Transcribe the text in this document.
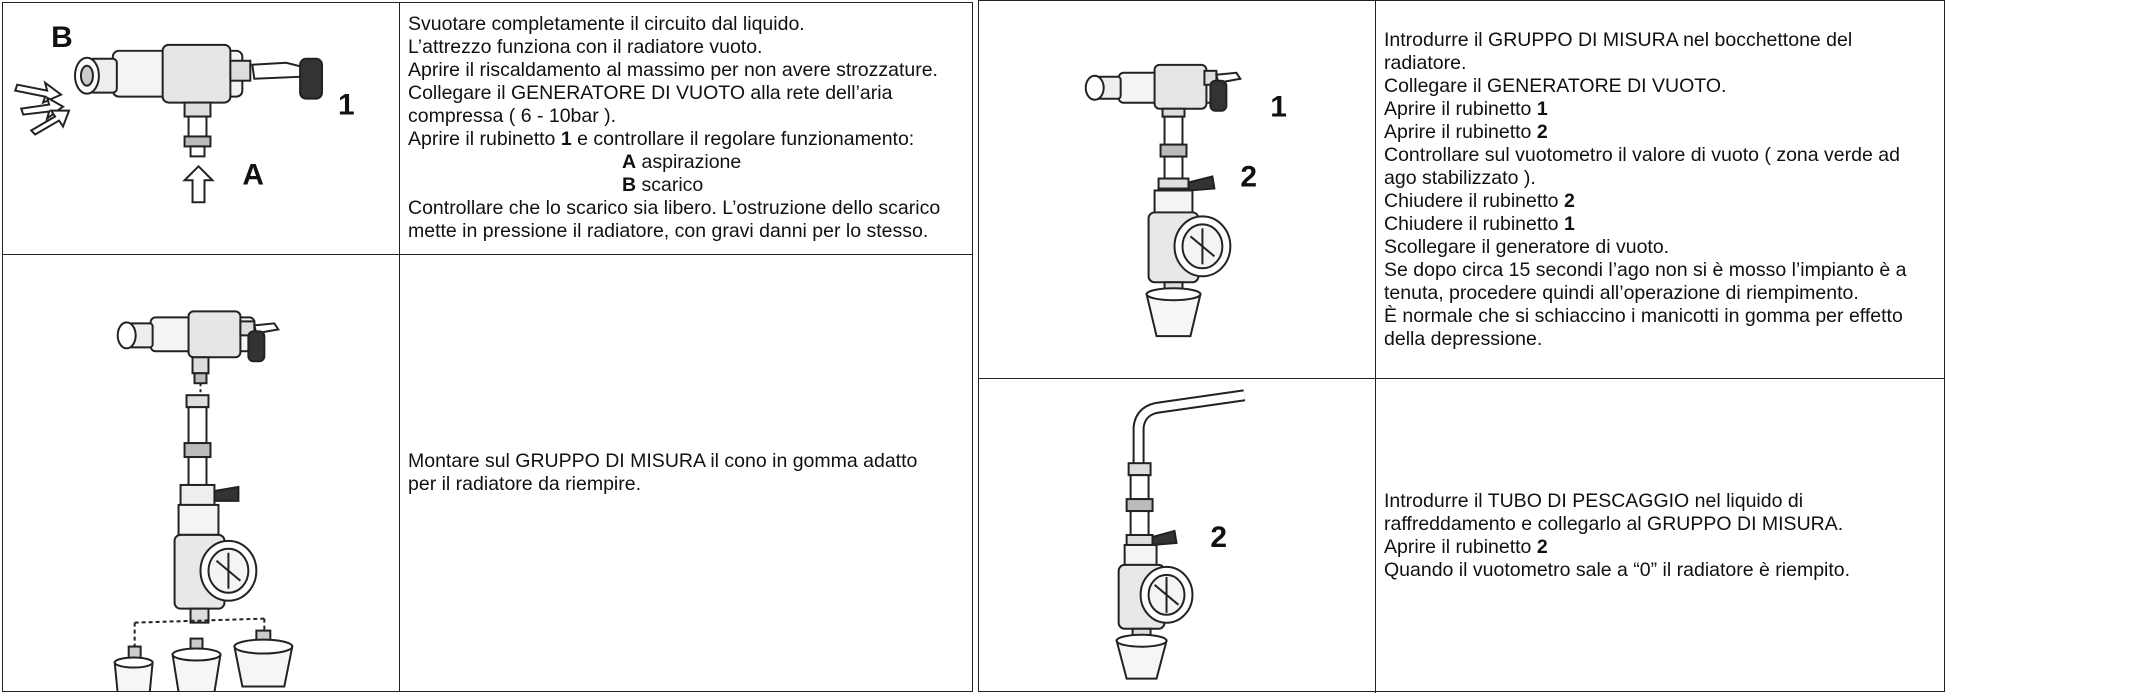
B
1
A
Svuotare completamente il circuito dal liquido.
L’attrezzo funziona con il radiatore vuoto.
Aprire il riscaldamento al massimo per non avere strozzature.
Collegare il GENERATORE DI VUOTO alla rete dell’aria
compressa ( 6 - 10bar ).
Aprire il rubinetto 1 e controllare il regolare funzionamento:
A aspirazione
B scarico
Controllare che lo scarico sia libero. L’ostruzione dello scarico
mette in pressione il radiatore, con gravi danni per lo stesso.
Montare sul GRUPPO DI MISURA il cono in gomma adatto
per il radiatore da riempire.
1
2
Introdurre il GRUPPO DI MISURA nel bocchettone del
radiatore.
Collegare il GENERATORE DI VUOTO.
Aprire il rubinetto 1
Aprire il rubinetto 2
Controllare sul vuotometro il valore di vuoto ( zona verde ad
ago stabilizzato ).
Chiudere il rubinetto 2
Chiudere il rubinetto 1
Scollegare il generatore di vuoto.
Se dopo circa 15 secondi l’ago non si è mosso l’impianto è a
tenuta, procedere quindi all’operazione di riempimento.
È normale che si schiaccino i manicotti in gomma per effetto
della depressione.
2
Introdurre il TUBO DI PESCAGGIO nel liquido di
raffreddamento e collegarlo al GRUPPO DI MISURA.
Aprire il rubinetto 2
Quando il vuotometro sale a “0” il radiatore è riempito.
